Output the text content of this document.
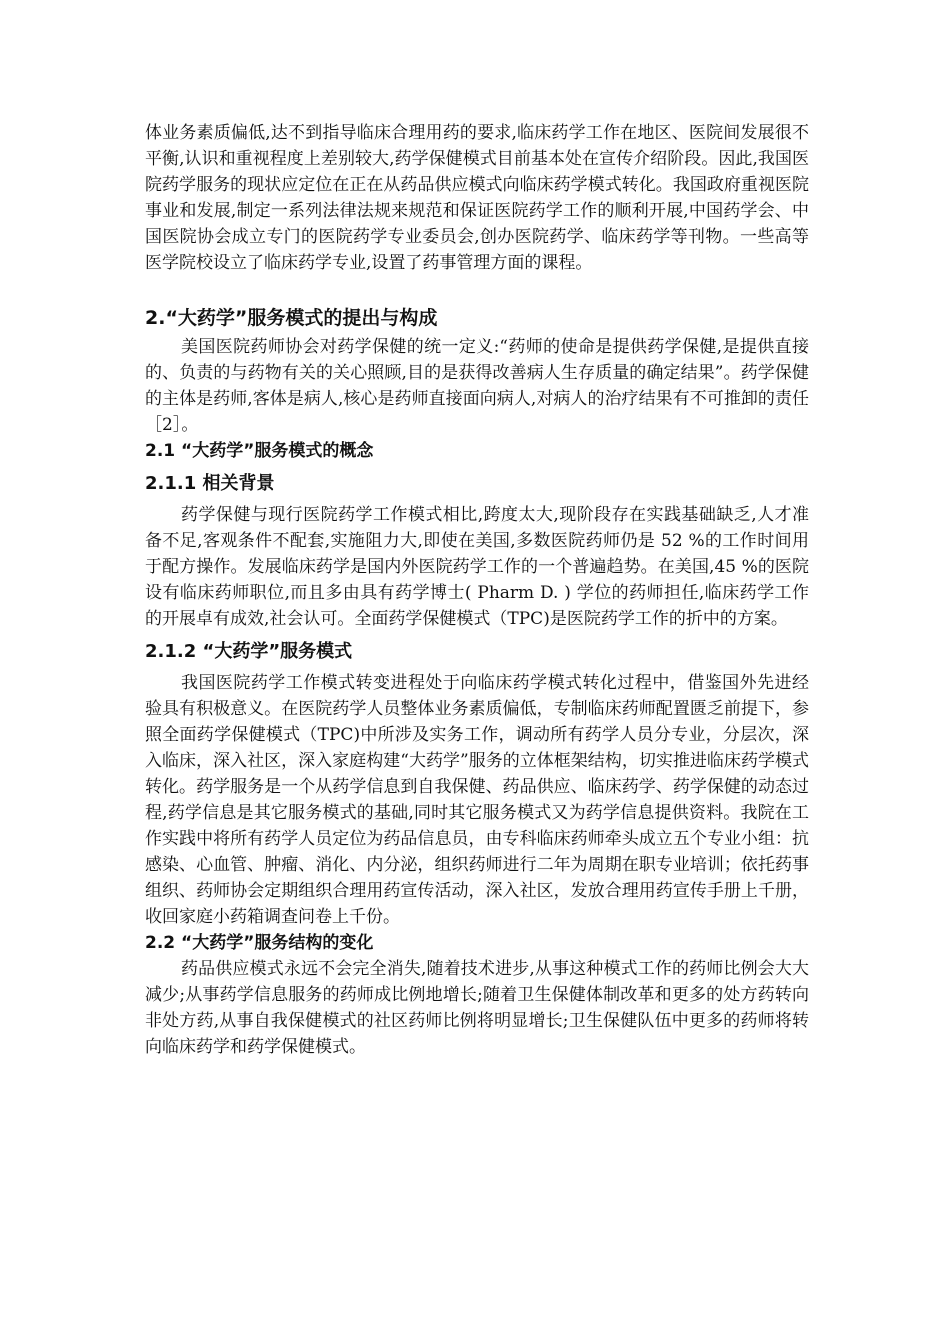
体业务素质偏低,达不到指导临床合理用药的要求,临床药学工作在地区、医院间发展很不平衡,认识和重视程度上差别较大,药学保健模式目前基本处在宣传介绍阶段。因此,我国医院药学服务的现状应定位在正在从药品供应模式向临床药学模式转化。我国政府重视医院事业和发展,制定一系列法律法规来规范和保证医院药学工作的顺利开展,中国药学会、中国医院协会成立专门的医院药学专业委员会,创办医院药学、临床药学等刊物。一些高等医学院校设立了临床药学专业,设置了药事管理方面的课程。

2.“大药学”服务模式的提出与构成

美国医院药师协会对药学保健的统一定义:“药师的使命是提供药学保健,是提供直接的、负责的与药物有关的关心照顾,目的是获得改善病人生存质量的确定结果”。药学保健的主体是药师,客体是病人,核心是药师直接面向病人,对病人的治疗结果有不可推卸的责任［2］。

2.1 “大药学”服务模式的概念

2.1.1 相关背景

药学保健与现行医院药学工作模式相比,跨度太大,现阶段存在实践基础缺乏,人才准备不足,客观条件不配套,实施阻力大,即使在美国,多数医院药师仍是 52 %的工作时间用于配方操作。发展临床药学是国内外医院药学工作的一个普遍趋势。在美国,45 %的医院设有临床药师职位,而且多由具有药学博士( Pharm D. ) 学位的药师担任,临床药学工作的开展卓有成效,社会认可。全面药学保健模式（TPC)是医院药学工作的折中的方案。

2.1.2 “大药学”服务模式

我国医院药学工作模式转变进程处于向临床药学模式转化过程中，借鉴国外先进经验具有积极意义。在医院药学人员整体业务素质偏低，专制临床药师配置匮乏前提下，参照全面药学保健模式（TPC)中所涉及实务工作，调动所有药学人员分专业，分层次，深入临床，深入社区，深入家庭构建“大药学”服务的立体框架结构，切实推进临床药学模式转化。药学服务是一个从药学信息到自我保健、药品供应、临床药学、药学保健的动态过程,药学信息是其它服务模式的基础,同时其它服务模式又为药学信息提供资料。我院在工作实践中将所有药学人员定位为药品信息员，由专科临床药师牵头成立五个专业小组：抗感染、心血管、肿瘤、消化、内分泌，组织药师进行二年为周期在职专业培训；依托药事组织、药师协会定期组织合理用药宣传活动，深入社区，发放合理用药宣传手册上千册，收回家庭小药箱调查问卷上千份。

2.2 “大药学”服务结构的变化

药品供应模式永远不会完全消失,随着技术进步,从事这种模式工作的药师比例会大大减少;从事药学信息服务的药师成比例地增长;随着卫生保健体制改革和更多的处方药转向非处方药,从事自我保健模式的社区药师比例将明显增长;卫生保健队伍中更多的药师将转向临床药学和药学保健模式。
